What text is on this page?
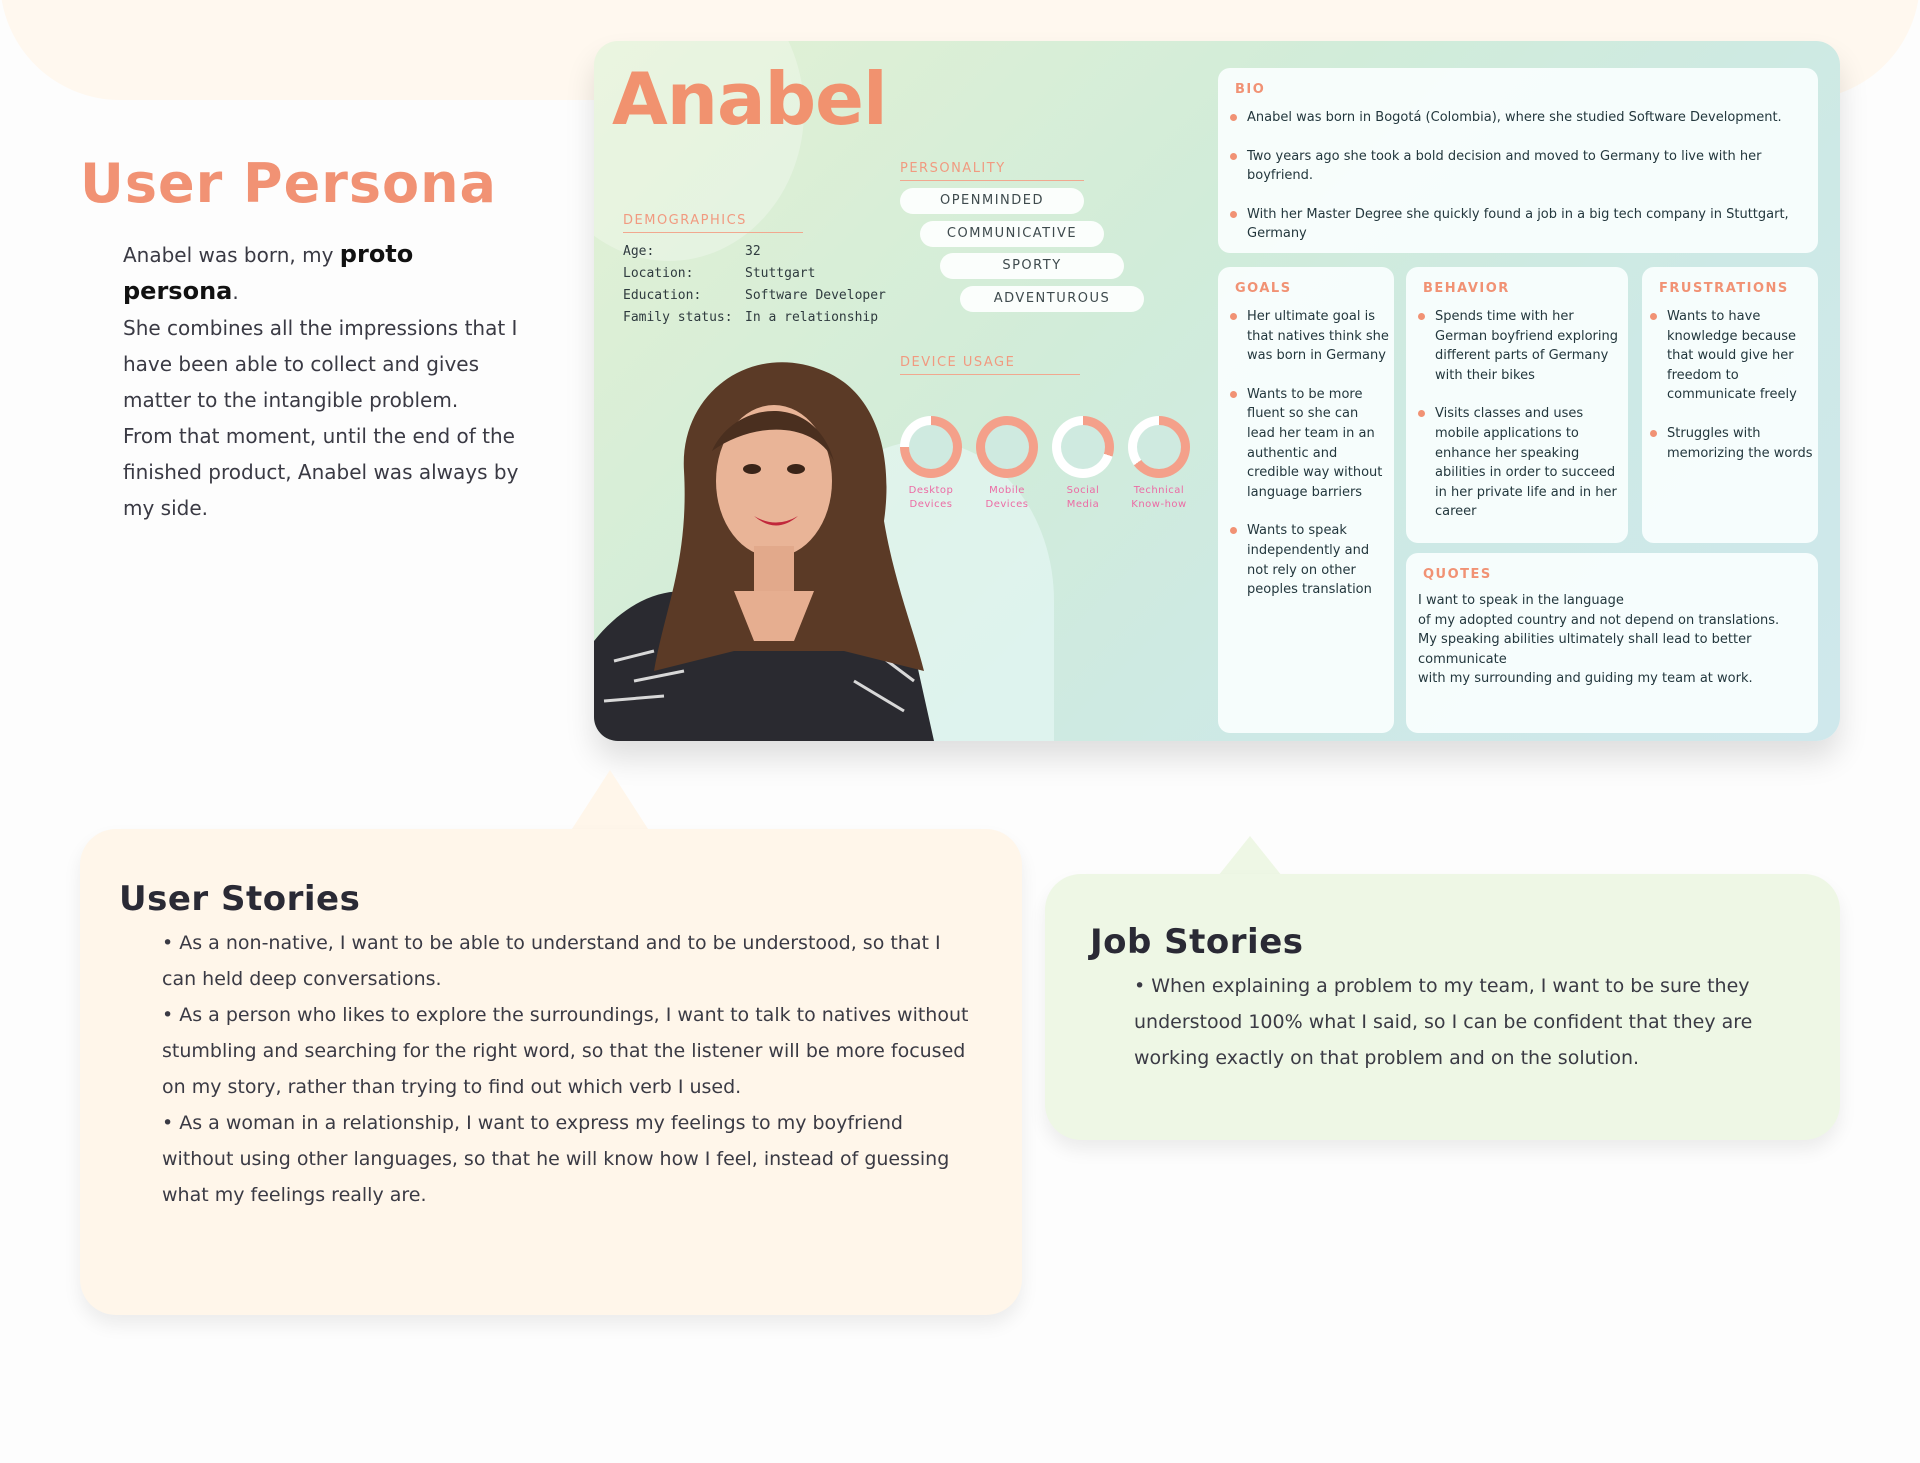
User Persona

Anabel was born, my proto

persona.

She combines all the impressions that I have been able to collect and gives matter to the intangible problem.

From that moment, until the end of the finished product, Anabel was always by my side.

Anabel
DEMOGRAPHICS
Age:	32
Location:	Stuttgart
Education:	Software Developer
Family status: In a relationship
PERSONALITY
OPENMINDED
COMMUNICATIVE
SPORTY
ADVENTUROUS
DEVICE USAGE
BIO
Anabel was born in Bogotá (Colombia), where she studied Software Development.
Two years ago she took a bold decision and moved to Germany to live with her boyfriend.
With her Master Degree she quickly found a job in a big tech company in Stuttgart, Germany
GOALS
Her ultimate goal is that natives think she was born in Germany
Wants to be more fluent so she can lead her team in an authentic and credible way without language barriers
Wants to speak independently and not rely on other peoples translation
BEHAVIOR
Spends time with her German boyfriend exploring different parts of Germany with their bikes
Visits classes and uses mobile applications to enhance her speaking abilities in order to succeed in her private life and in her career
FRUSTRATIONS
Wants to have knowledge because that would give her freedom to communicate freely
Struggles with memorizing the words
QUOTES
I want to speak in the language
of my adopted country and not depend on translations.
My speaking abilities ultimately shall lead to better communicate
with my surrounding and guiding my team at work.
Desktop
Devices
Mobile
Devices
Social
Media
Technical
Know-how
User Stories

• As a non-native, I want to be able to understand and to be understood, so that I can held deep conversations.

• As a person who likes to explore the surroundings, I want to talk to natives without stumbling and searching for the right word, so that the listener will be more focused on my story, rather than trying to find out which verb I used.

• As a woman in a relationship, I want to express my feelings to my boyfriend without using other languages, so that he will know how I feel, instead of guessing what my feelings really are.

Job Stories

• When explaining a problem to my team, I want to be sure they understood 100% what I said, so I can be confident that they are working exactly on that problem and on the solution.
